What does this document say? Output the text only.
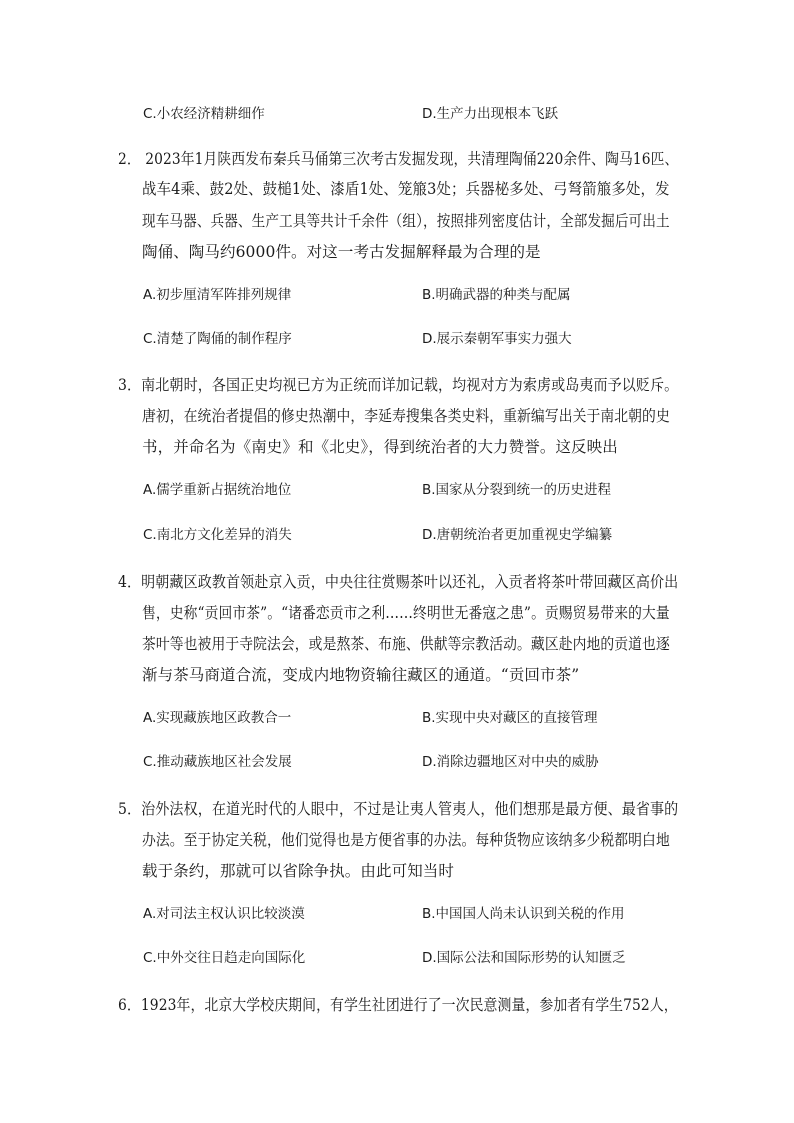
C.小农经济精耕细作	D.生产力出现根本飞跃
2． 2023年1月陕西发布秦兵马俑第三次考古发掘发现，共清理陶俑220余件、陶马16匹、
战车4乘、鼓2处、鼓槌1处、漆盾1处、笼箙3处；兵器柲多处、弓弩箭箙多处，发
现车马器、兵器、生产工具等共计千余件（组），按照排列密度估计，全部发掘后可出土
陶俑、陶马约6000件。对这一考古发掘解释最为合理的是
A.初步厘清军阵排列规律	B.明确武器的种类与配属
C.清楚了陶俑的制作程序	D.展示秦朝军事实力强大
3．南北朝时，各国正史均视已方为正统而详加记载，均视对方为索虏或岛夷而予以贬斥。
唐初，在统治者提倡的修史热潮中，李延寿搜集各类史料，重新编写出关于南北朝的史
书，并命名为《南史》和《北史》，得到统治者的大力赞誉。这反映出
A.儒学重新占据统治地位	B.国家从分裂到统一的历史进程
C.南北方文化差异的消失	D.唐朝统治者更加重视史学编纂
4．明朝藏区政教首领赴京入贡，中央往往赏赐茶叶以还礼，入贡者将茶叶带回藏区高价出
售，史称“贡回市茶”。“诸番恋贡市之利……终明世无番寇之患”。贡赐贸易带来的大量
茶叶等也被用于寺院法会，或是熬茶、布施、供献等宗教活动。藏区赴内地的贡道也逐
渐与茶马商道合流，变成内地物资输往藏区的通道。“贡回市茶”
A.实现藏族地区政教合一	B.实现中央对藏区的直接管理
C.推动藏族地区社会发展	D.消除边疆地区对中央的威胁
5．治外法权，在道光时代的人眼中，不过是让夷人管夷人，他们想那是最方便、最省事的
办法。至于协定关税，他们觉得也是方便省事的办法。每种货物应该纳多少税都明白地
载于条约，那就可以省除争执。由此可知当时
A.对司法主权认识比较淡漠	B.中国国人尚未认识到关税的作用
C.中外交往日趋走向国际化	D.国际公法和国际形势的认知匮乏
6．1923年，北京大学校庆期间，有学生社团进行了一次民意测量，参加者有学生752人，
